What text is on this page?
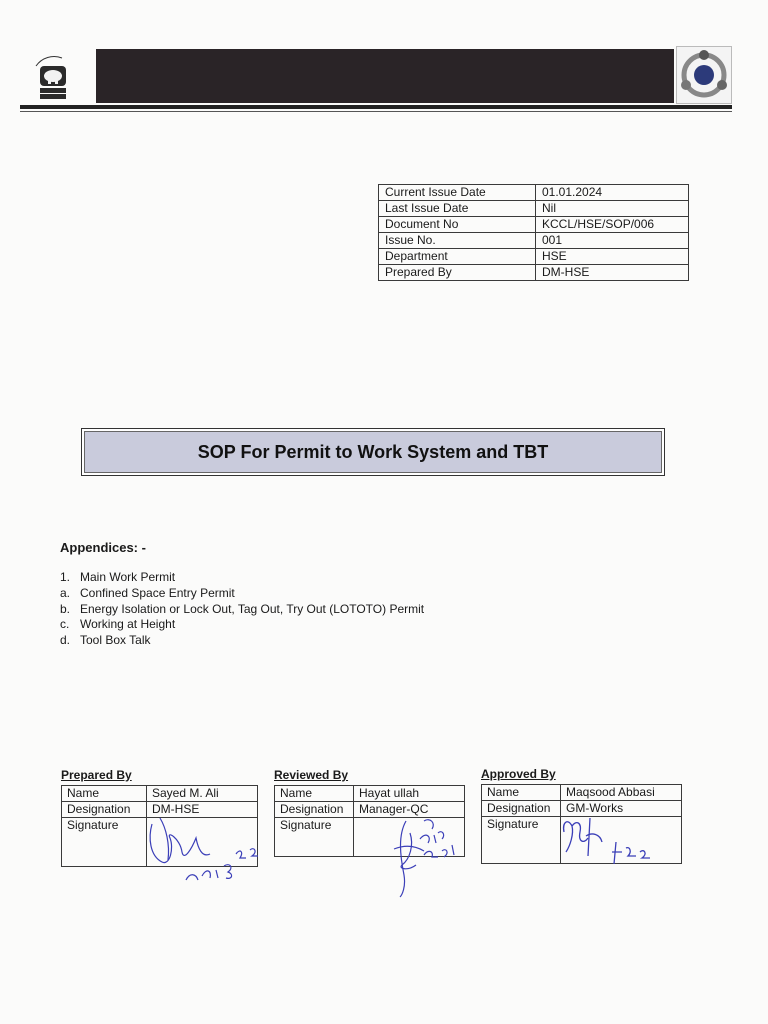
Current Issue Date	01.01.2024
Last Issue Date	Nil
Document No	KCCL/HSE/SOP/006
Issue No.	001
Department	HSE
Prepared By	DM-HSE
SOP For Permit to Work System and TBT
Appendices: -
1. Main Work Permit
a. Confined Space Entry Permit
b. Energy Isolation or Lock Out, Tag Out, Try Out (LOTOTO) Permit
c. Working at Height
d. Tool Box Talk
Prepared By
Name	Sayed M. Ali
Designation	DM-HSE
Signature	
Reviewed By
Name	Hayat ullah
Designation	Manager-QC
Signature	
Approved By
Name	Maqsood Abbasi
Designation	GM-Works
Signature	
